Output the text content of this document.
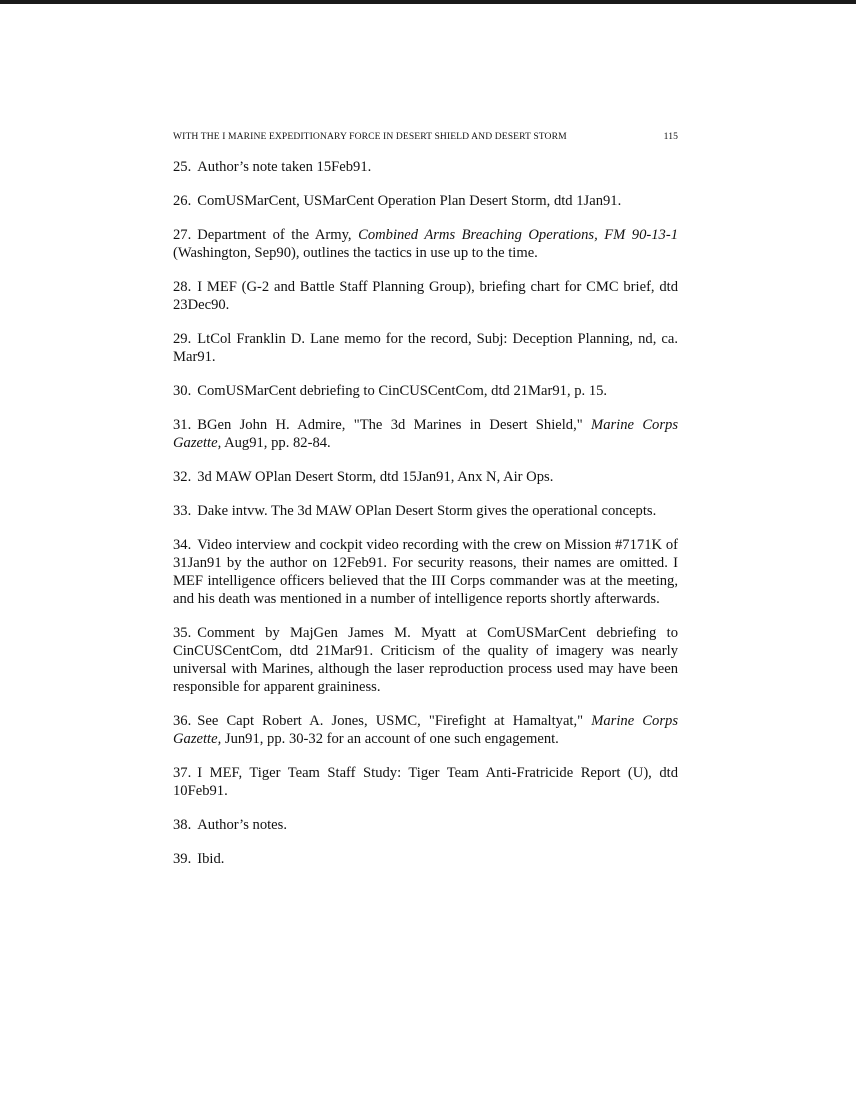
WITH THE I MARINE EXPEDITIONARY FORCE IN DESERT SHIELD AND DESERT STORM	115

25. Author’s note taken 15Feb91.

26. ComUSMarCent, USMarCent Operation Plan Desert Storm, dtd 1Jan91.

27. Department of the Army, Combined Arms Breaching Operations, FM 90-13-1 (Washington, Sep90), outlines the tactics in use up to the time.

28. I MEF (G-2 and Battle Staff Planning Group), briefing chart for CMC brief, dtd 23Dec90.

29. LtCol Franklin D. Lane memo for the record, Subj: Deception Planning, nd, ca. Mar91.

30. ComUSMarCent debriefing to CinCUSCentCom, dtd 21Mar91, p. 15.

31. BGen John H. Admire, "The 3d Marines in Desert Shield," Marine Corps Gazette, Aug91, pp. 82-84.

32. 3d MAW OPlan Desert Storm, dtd 15Jan91, Anx N, Air Ops.

33. Dake intvw. The 3d MAW OPlan Desert Storm gives the operational concepts.

34. Video interview and cockpit video recording with the crew on Mission #7171K of 31Jan91 by the author on 12Feb91. For security reasons, their names are omitted. I MEF intelligence officers believed that the III Corps commander was at the meeting, and his death was mentioned in a number of intelligence reports shortly afterwards.

35. Comment by MajGen James M. Myatt at ComUSMarCent debriefing to CinCUSCentCom, dtd 21Mar91. Criticism of the quality of imagery was nearly universal with Marines, although the laser reproduction process used may have been responsible for apparent graininess.

36. See Capt Robert A. Jones, USMC, "Firefight at Hamaltyat," Marine Corps Gazette, Jun91, pp. 30-32 for an account of one such engagement.

37. I MEF, Tiger Team Staff Study: Tiger Team Anti-Fratricide Report (U), dtd 10Feb91.

38. Author’s notes.

39. Ibid.
